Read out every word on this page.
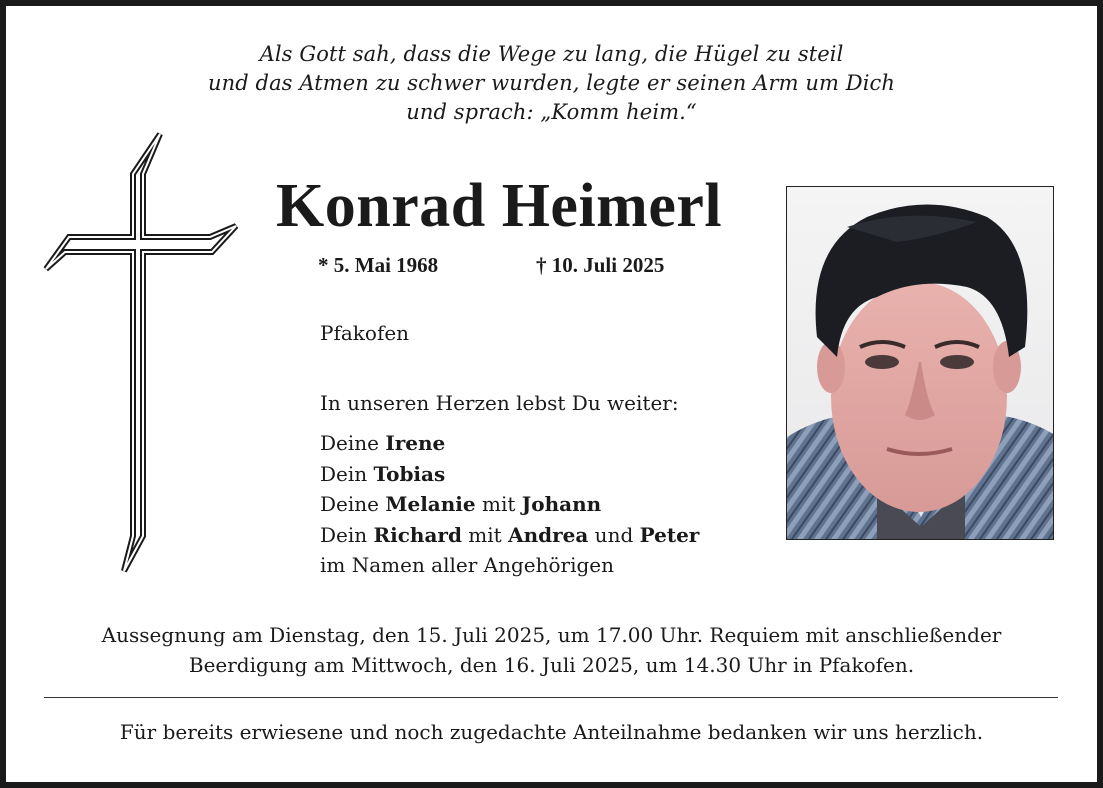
Als Gott sah, dass die Wege zu lang, die Hügel zu steil
und das Atmen zu schwer wurden, legte er seinen Arm um Dich
und sprach: „Komm heim.“
Konrad Heimerl
* 5. Mai 1968	† 10. Juli 2025
Pfakofen
In unseren Herzen lebst Du weiter:
Deine Irene
Dein Tobias
Deine Melanie mit Johann
Dein Richard mit Andrea und Peter
im Namen aller Angehörigen
Aussegnung am Dienstag, den 15. Juli 2025, um 17.00 Uhr. Requiem mit anschließender
Beerdigung am Mittwoch, den 16. Juli 2025, um 14.30 Uhr in Pfakofen.
Für bereits erwiesene und noch zugedachte Anteilnahme bedanken wir uns herzlich.
